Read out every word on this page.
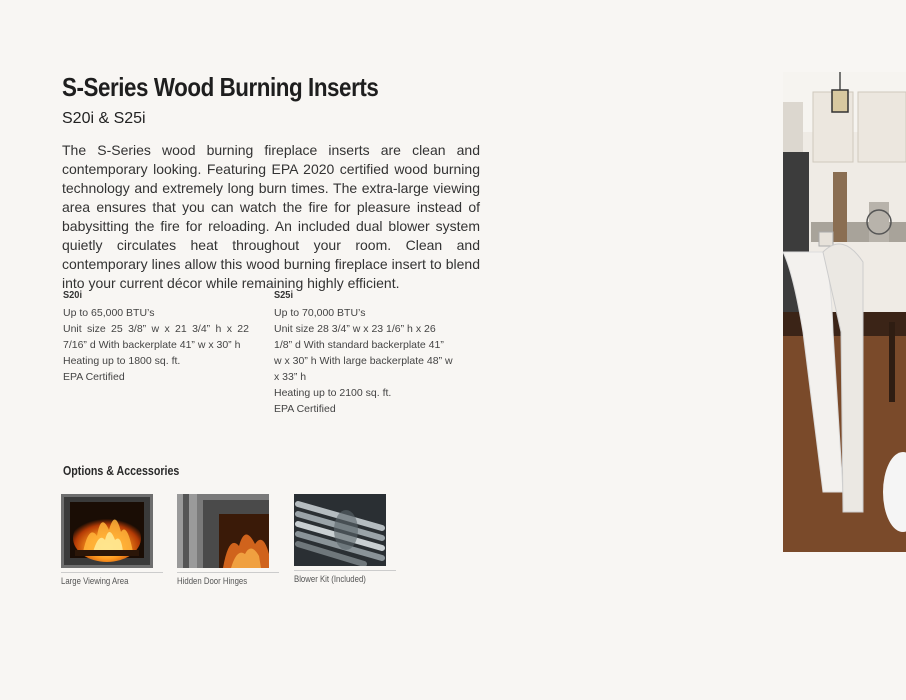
S-Series Wood Burning Inserts
S20i & S25i

The S-Series wood burning fireplace inserts are clean and contemporary looking. Featuring EPA 2020 certified wood burning technology and extremely long burn times. The extra-large viewing area ensures that you can watch the fire for pleasure instead of babysitting the fire for reloading. An included dual blower system quietly circulates heat throughout your room. Clean and contemporary lines allow this wood burning fireplace insert to blend into your current décor while remaining highly efficient.

S20i

Up to 65,000 BTU’s

Unit size 25 3/8” w x 21 3/4” h x 22 7/16” d With backerplate 41” w x 30” h

Heating up to 1800 sq. ft.

EPA Certified

S25i

Up to 70,000 BTU’s

Unit size 28 3/4” w x 23 1/6” h x 26 1/8” d With standard backerplate 41” w x 30” h With large backerplate 48” w x 33” h

Heating up to 2100 sq. ft.

EPA Certified

Options & Accessories
Large Viewing Area	Hidden Door Hinges	Blower Kit (Included)
